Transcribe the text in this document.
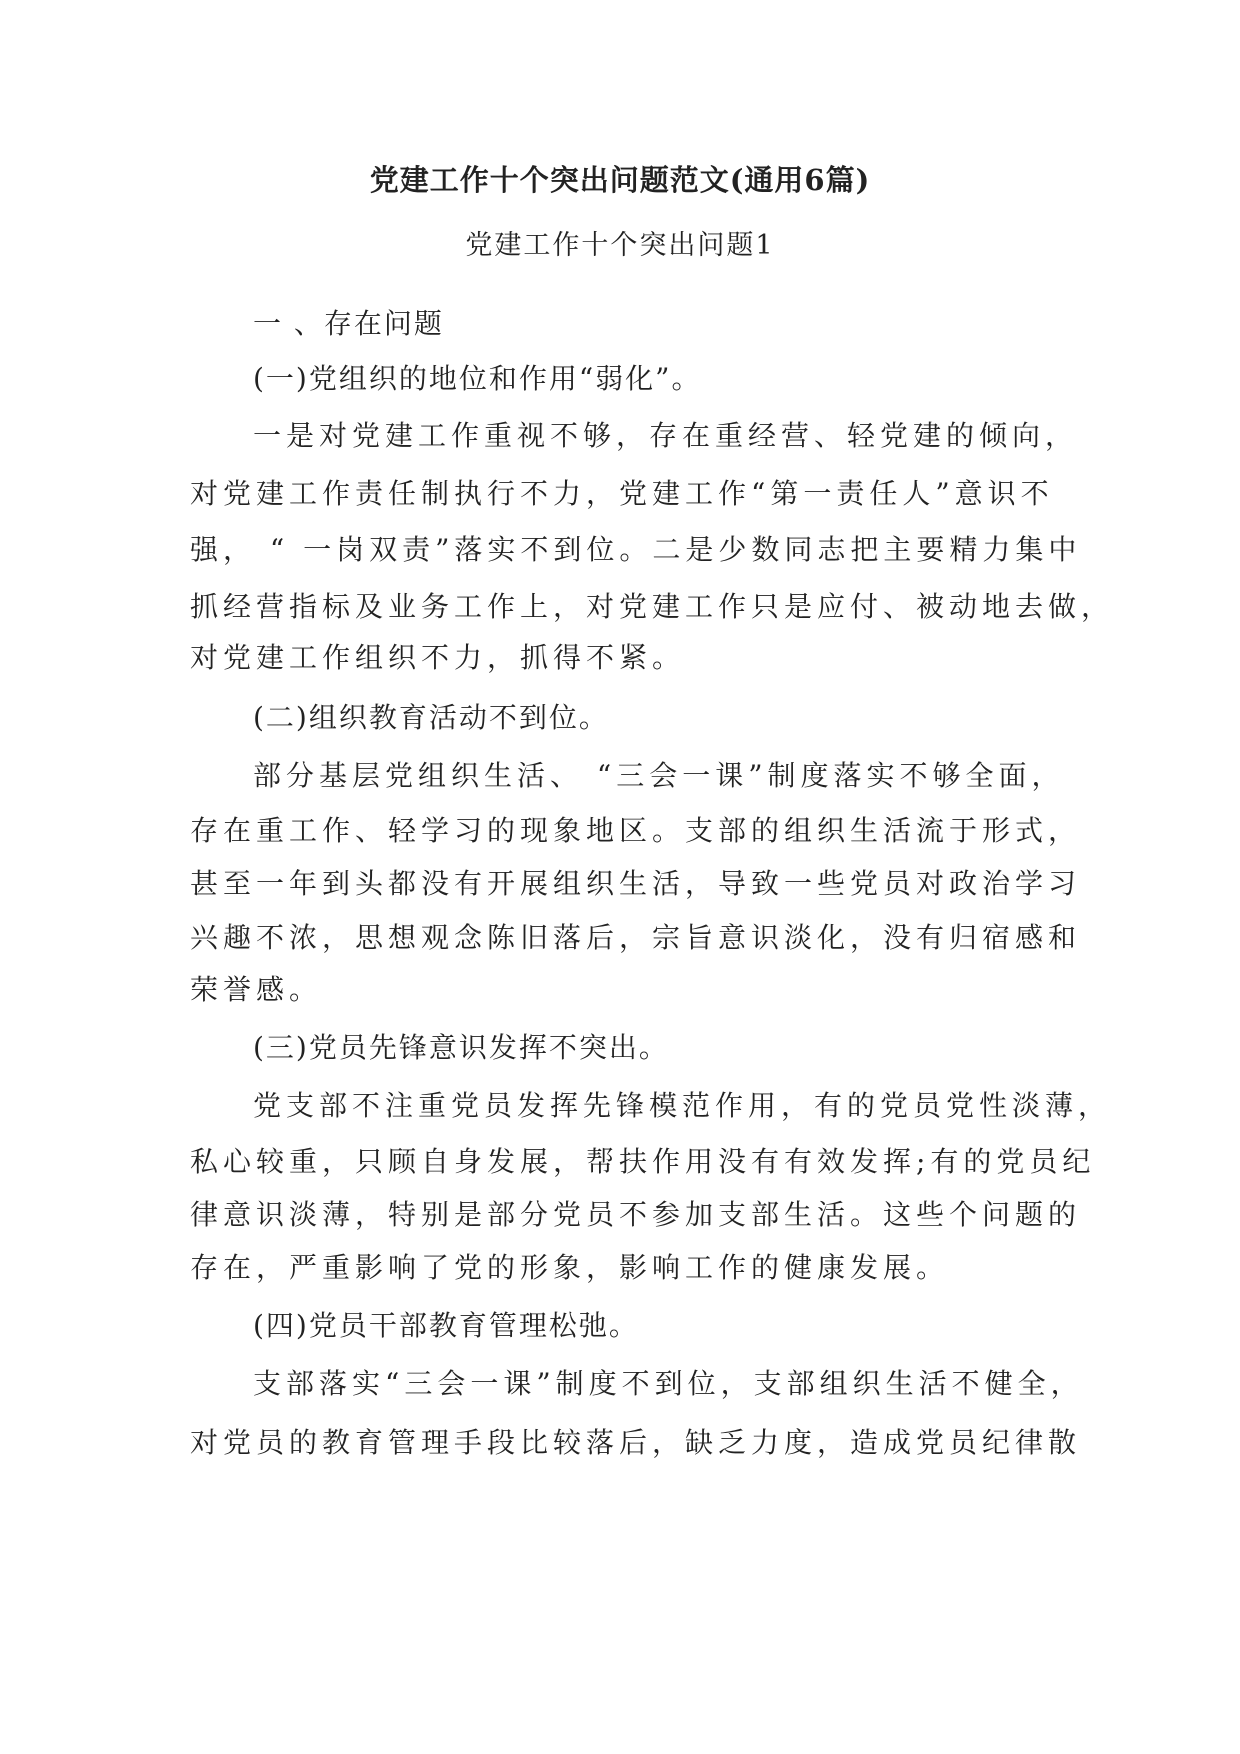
党建工作十个突出问题范文(通用6篇)
党建工作十个突出问题1
一 、存在问题
(一)党组织的地位和作用“弱化”。
一是对党建工作重视不够，存在重经营、轻党建的倾向，
对党建工作责任制执行不力，党建工作“第一责任人”意识不
强， “ 一岗双责”落实不到位。二是少数同志把主要精力集中
抓经营指标及业务工作上，对党建工作只是应付、被动地去做，
对党建工作组织不力，抓得不紧。
(二)组织教育活动不到位。
部分基层党组织生活、 “三会一课”制度落实不够全面，
存在重工作、轻学习的现象地区。支部的组织生活流于形式，
甚至一年到头都没有开展组织生活，导致一些党员对政治学习
兴趣不浓，思想观念陈旧落后，宗旨意识淡化，没有归宿感和
荣誉感。
(三)党员先锋意识发挥不突出。
党支部不注重党员发挥先锋模范作用，有的党员党性淡薄，
私心较重，只顾自身发展，帮扶作用没有有效发挥;有的党员纪
律意识淡薄，特别是部分党员不参加支部生活。这些个问题的
存在，严重影响了党的形象，影响工作的健康发展。
(四)党员干部教育管理松弛。
支部落实“三会一课”制度不到位，支部组织生活不健全，
对党员的教育管理手段比较落后，缺乏力度，造成党员纪律散
